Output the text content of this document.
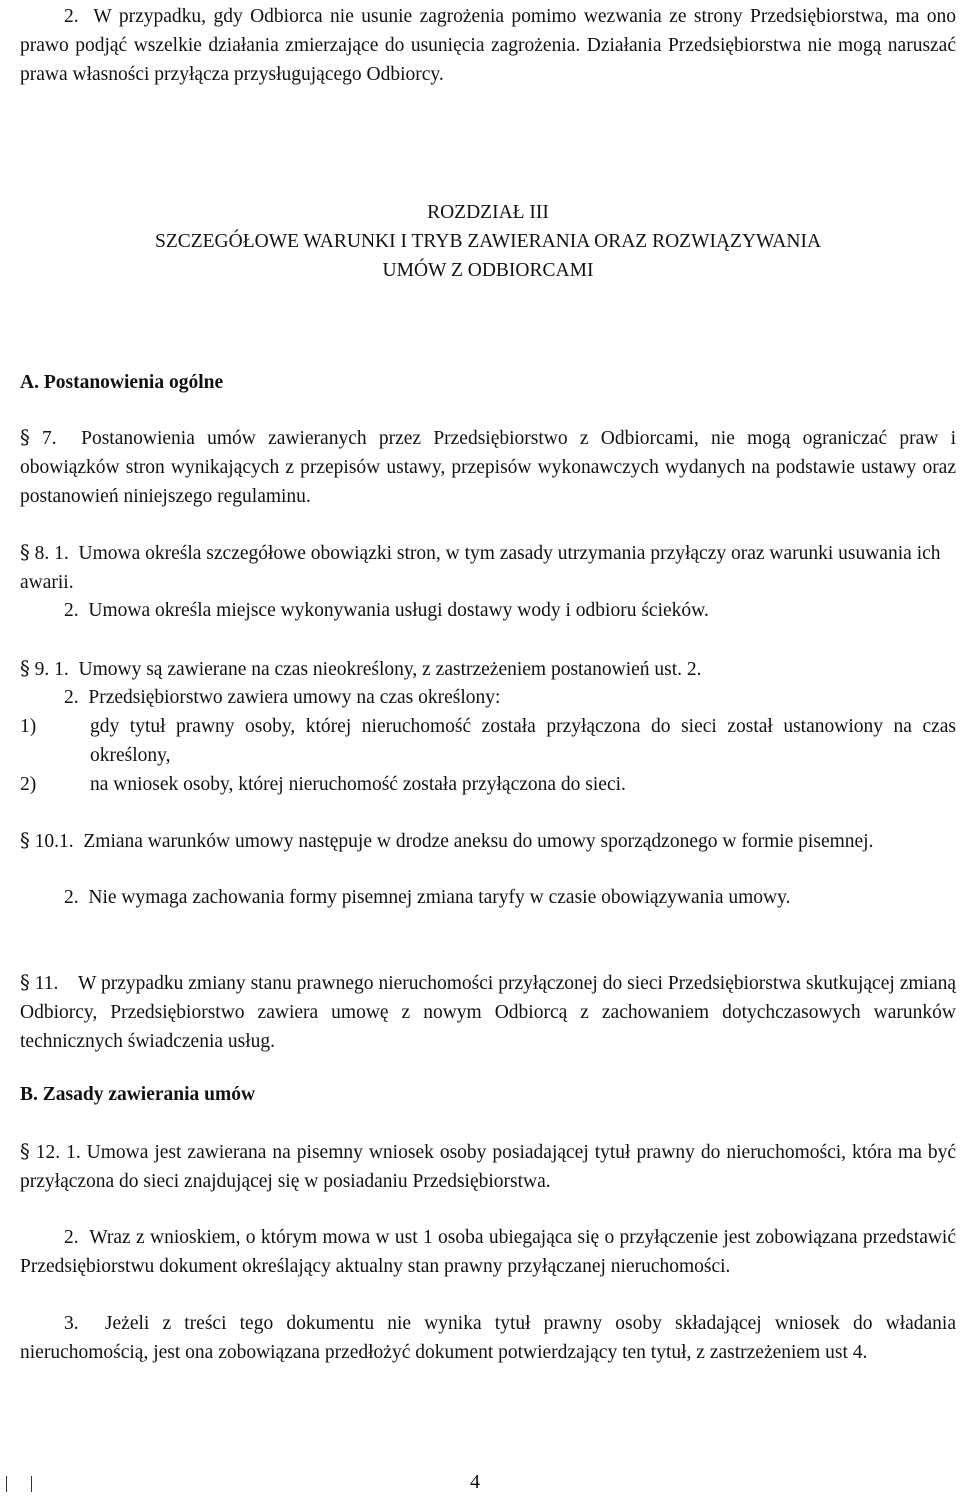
2.  W przypadku, gdy Odbiorca nie usunie zagrożenia pomimo wezwania ze strony Przedsiębiorstwa, ma ono prawo podjąć wszelkie działania zmierzające do usunięcia zagrożenia. Działania Przedsiębiorstwa nie mogą naruszać prawa własności przyłącza przysługującego Odbiorcy.

ROZDZIAŁ III

SZCZEGÓŁOWE WARUNKI I TRYB ZAWIERANIA ORAZ ROZWIĄZYWANIA

UMÓW Z ODBIORCAMI

A. Postanowienia ogólne

§ 7.  Postanowienia umów zawieranych przez Przedsiębiorstwo z Odbiorcami, nie mogą ograniczać praw i obowiązków stron wynikających z przepisów ustawy, przepisów wykonawczych wydanych na podstawie ustawy oraz postanowień niniejszego regulaminu.

§ 8. 1.  Umowa określa szczegółowe obowiązki stron, w tym zasady utrzymania przyłączy oraz warunki usuwania ich awarii.

2.  Umowa określa miejsce wykonywania usługi dostawy wody i odbioru ścieków.

§ 9. 1.  Umowy są zawierane na czas nieokreślony, z zastrzeżeniem postanowień ust. 2.

2.  Przedsiębiorstwo zawiera umowy na czas określony:

1)	gdy tytuł prawny osoby, której nieruchomość została przyłączona do sieci został ustanowiony na czas określony,
2)	na wniosek osoby, której nieruchomość została przyłączona do sieci.

§ 10.1.  Zmiana warunków umowy następuje w drodze aneksu do umowy sporządzonego w formie pisemnej.

2.  Nie wymaga zachowania formy pisemnej zmiana taryfy w czasie obowiązywania umowy.

§ 11.    W przypadku zmiany stanu prawnego nieruchomości przyłączonej do sieci Przedsiębiorstwa skutkującej zmianą Odbiorcy, Przedsiębiorstwo zawiera umowę z nowym Odbiorcą z zachowaniem dotychczasowych warunków technicznych świadczenia usług.

B. Zasady zawierania umów

§ 12. 1. Umowa jest zawierana na pisemny wniosek osoby posiadającej tytuł prawny do nieruchomości, która ma być przyłączona do sieci znajdującej się w posiadaniu Przedsiębiorstwa.

2.  Wraz z wnioskiem, o którym mowa w ust 1 osoba ubiegająca się o przyłączenie jest zobowiązana przedstawić Przedsiębiorstwu dokument określający aktualny stan prawny przyłączanej nieruchomości.

3.  Jeżeli z treści tego dokumentu nie wynika tytuł prawny osoby składającej wniosek do władania nieruchomością, jest ona zobowiązana przedłożyć dokument potwierdzający ten tytuł, z zastrzeżeniem ust 4.

4
